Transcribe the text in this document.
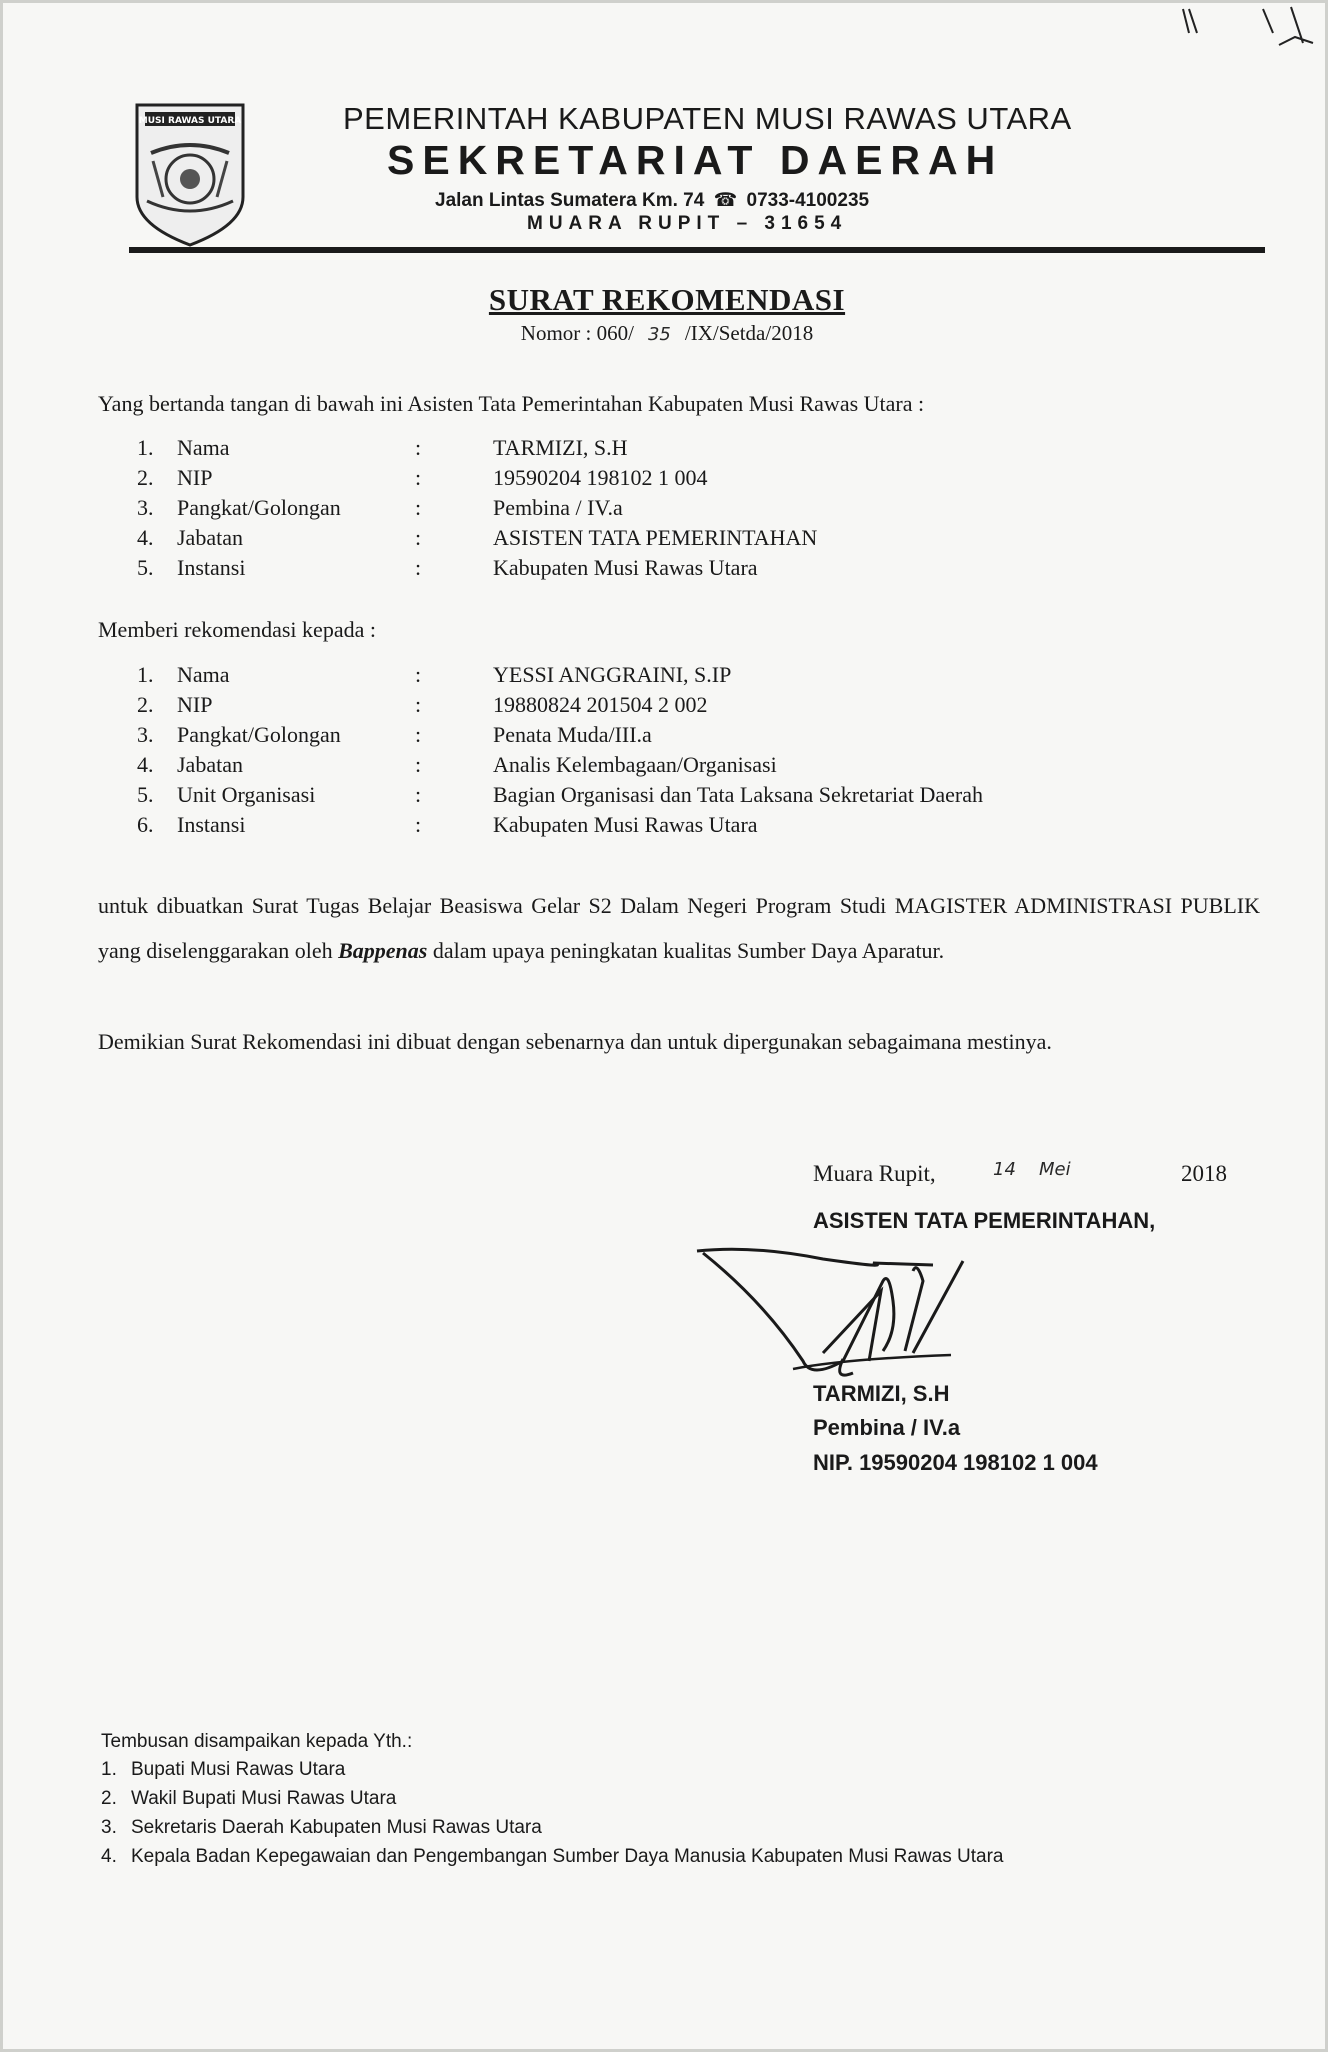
MUSI RAWAS UTARA	PEMERINTAH KABUPATEN MUSI RAWAS UTARA
SEKRETARIAT DAERAH
Jalan Lintas Sumatera Km. 74 ☎ 0733-4100235
MUARA RUPIT – 31654
SURAT REKOMENDASI
Nomor : 060/ 35 /IX/Setda/2018
Yang bertanda tangan di bawah ini Asisten Tata Pemerintahan Kabupaten Musi Rawas Utara :
1. Nama	:	TARMIZI, S.H
2. NIP	:	19590204 198102 1 004
3. Pangkat/Golongan	:	Pembina / IV.a
4. Jabatan	:	ASISTEN TATA PEMERINTAHAN
5. Instansi	:	Kabupaten Musi Rawas Utara
Memberi rekomendasi kepada :
1. Nama	:	YESSI ANGGRAINI, S.IP
2. NIP	:	19880824 201504 2 002
3. Pangkat/Golongan	:	Penata Muda/III.a
4. Jabatan	:	Analis Kelembagaan/Organisasi
5. Unit Organisasi	:	Bagian Organisasi dan Tata Laksana Sekretariat Daerah
6. Instansi	:	Kabupaten Musi Rawas Utara
untuk dibuatkan Surat Tugas Belajar Beasiswa Gelar S2 Dalam Negeri Program Studi MAGISTER ADMINISTRASI PUBLIK yang diselenggarakan oleh Bappenas dalam upaya peningkatan kualitas Sumber Daya Aparatur.
Demikian Surat Rekomendasi ini dibuat dengan sebenarnya dan untuk dipergunakan sebagaimana mestinya.
Muara Rupit,	14 Mei	2018
ASISTEN TATA PEMERINTAHAN,
TARMIZI, S.H
Pembina / IV.a
NIP. 19590204 198102 1 004
Tembusan disampaikan kepada Yth.:
1. Bupati Musi Rawas Utara
2. Wakil Bupati Musi Rawas Utara
3. Sekretaris Daerah Kabupaten Musi Rawas Utara
4. Kepala Badan Kepegawaian dan Pengembangan Sumber Daya Manusia Kabupaten Musi Rawas Utara
